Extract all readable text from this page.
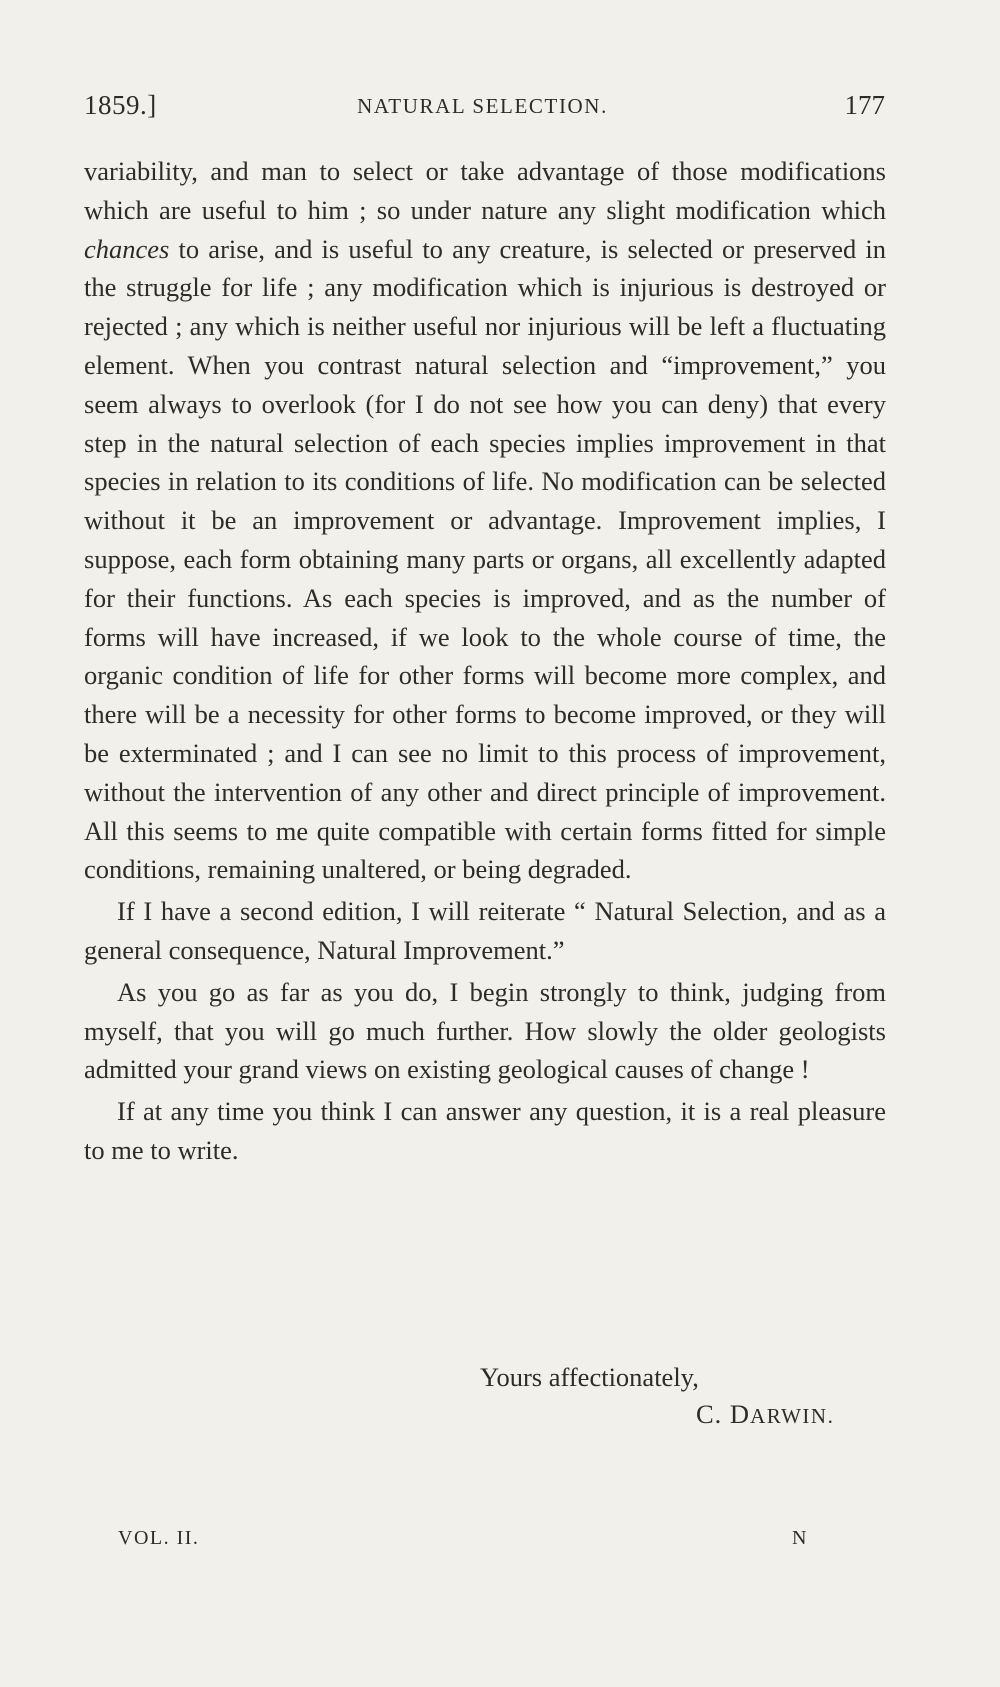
1859.]	NATURAL SELECTION.	177

variability, and man to select or take advantage of those modifications which are useful to him ; so under nature any slight modification which chances to arise, and is useful to any creature, is selected or preserved in the struggle for life ; any modification which is injurious is destroyed or rejected ; any which is neither useful nor injurious will be left a fluctuating element. When you contrast natural selection and “improvement,” you seem always to overlook (for I do not see how you can deny) that every step in the natural selection of each species implies improvement in that species in relation to its conditions of life. No modification can be selected without it be an improvement or advantage. Improvement implies, I suppose, each form obtaining many parts or organs, all excellently adapted for their functions. As each species is improved, and as the number of forms will have increased, if we look to the whole course of time, the organic condition of life for other forms will become more complex, and there will be a necessity for other forms to become improved, or they will be exterminated ; and I can see no limit to this process of improvement, without the intervention of any other and direct principle of improvement. All this seems to me quite compatible with certain forms fitted for simple conditions, remaining unaltered, or being degraded.

If I have a second edition, I will reiterate “ Natural Selection, and as a general consequence, Natural Improvement.”

As you go as far as you do, I begin strongly to think, judging from myself, that you will go much further. How slowly the older geologists admitted your grand views on existing geological causes of change !

If at any time you think I can answer any question, it is a real pleasure to me to write.

Yours affectionately,
C. DARWIN.
VOL. II.	N
